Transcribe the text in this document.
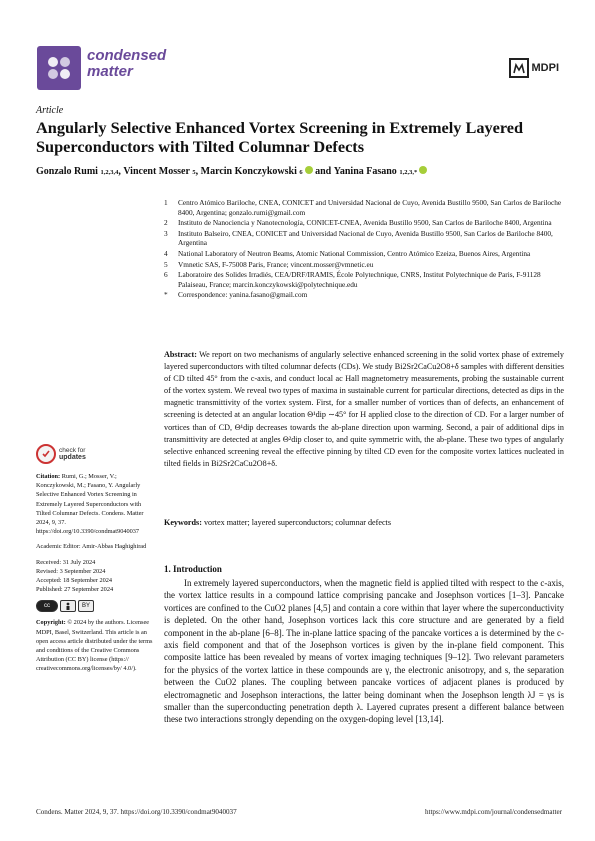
condensed
matter	MDPI
Article
Angularly Selective Enhanced Vortex Screening in Extremely Layered Superconductors with Tilted Columnar Defects
Gonzalo Rumi
1,2,3,4 ,
Vincent Mosser
5 ,
Marcin Konczykowski
6
and
Yanina Fasano
1,2,3,*
1	Centro Atómico Bariloche, CNEA, CONICET and Universidad Nacional de Cuyo, Avenida Bustillo 9500, San Carlos de Bariloche 8400, Argentina; gonzalo.rumi@gmail.com
2	Instituto de Nanociencia y Nanotecnología, CONICET-CNEA, Avenida Bustillo 9500, San Carlos de Bariloche 8400, Argentina
3	Instituto Balseiro, CNEA, CONICET and Universidad Nacional de Cuyo, Avenida Bustillo 9500, San Carlos de Bariloche 8400, Argentina
4	National Laboratory of Neutron Beams, Atomic National Commission, Centro Atómico Ezeiza, Buenos Aires, Argentina
5	Vmnetic SAS, F-75008 Paris, France; vincent.mosser@vmnetic.eu
6	Laboratoire des Solides Irradiés, CEA/DRF/IRAMIS, École Polytechnique, CNRS, Institut Polytechnique de Paris, F-91128 Palaiseau, France; marcin.konczykowski@polytechnique.edu
*	Correspondence: yanina.fasano@gmail.com
Abstract: We report on two mechanisms of angularly selective enhanced screening in the solid vortex phase of extremely layered superconductors with tilted columnar defects (CDs). We study Bi2Sr2CaCu2O8+δ samples with different densities of CD tilted 45° from the c-axis, and conduct local ac Hall magnetometry measurements, probing the sustainable current of the vortex system. We reveal two types of maxima in sustainable current for particular directions, detected as dips in the magnetic transmittivity of the vortex system. First, for a smaller number of vortices than of defects, an enhancement of screening is detected at an angular location Θ¹dip ∼45° for H applied close to the direction of CD. For a larger number of vortices than of CD, Θ¹dip decreases towards the ab-plane direction upon warming. Second, a pair of additional dips in transmittivity are detected at angles Θ²dip closer to, and quite symmetric with, the ab-plane. These two types of angularly selective enhanced screening reveal the effective pinning by tilted CD even for the composite vortex lattices nucleated in tilted fields in Bi2Sr2CaCu2O8+δ.
Keywords: vortex matter; layered superconductors; columnar defects
check for
updates
Citation: Rumi, G.; Mosser, V.; Konczykowski, M.; Fasano, Y. Angularly Selective Enhanced Vortex Screening in Extremely Layered Superconductors with Tilted Columnar Defects. Condens. Matter 2024, 9, 37. https://doi.org/10.3390/condmat9040037
Academic Editor: Amir-Abbas Haghighirad
Received: 31 July 2024
Revised: 3 September 2024
Accepted: 18 September 2024
Published: 27 September 2024
cc	BY
Copyright: © 2024 by the authors. Licensee MDPI, Basel, Switzerland. This article is an open access article distributed under the terms and conditions of the Creative Commons Attribution (CC BY) license (https:// creativecommons.org/licenses/by/ 4.0/).
1. Introduction

In extremely layered superconductors, when the magnetic field is applied tilted with respect to the c-axis, the vortex lattice results in a compound lattice comprising pancake and Josephson vortices [1–3]. Pancake vortices are confined to the CuO2 planes [4,5] and contain a core within that layer where the superconductivity is depleted. On the other hand, Josephson vortices lack this core structure and are generated by a field component in the ab-plane [6–8]. The in-plane lattice spacing of the pancake vortices a is determined by the c-axis field component and that of the Josephson vortices is given by the in-plane field component. This composite lattice has been revealed by means of vortex imaging techniques [9–12]. Two relevant parameters for the physics of the vortex lattice in these compounds are γ, the electronic anisotropy, and s, the separation between the CuO2 planes. The coupling between pancake vortices of adjacent planes is produced by electromagnetic and Josephson interactions, the latter being dominant when the Josephson length λJ = γs is smaller than the superconducting penetration depth λ. Layered cuprates present a different balance between these two interactions strongly depending on the oxygen-doping level [13,14].

Condens. Matter 2024, 9, 37. https://doi.org/10.3390/condmat9040037	https://www.mdpi.com/journal/condensedmatter
